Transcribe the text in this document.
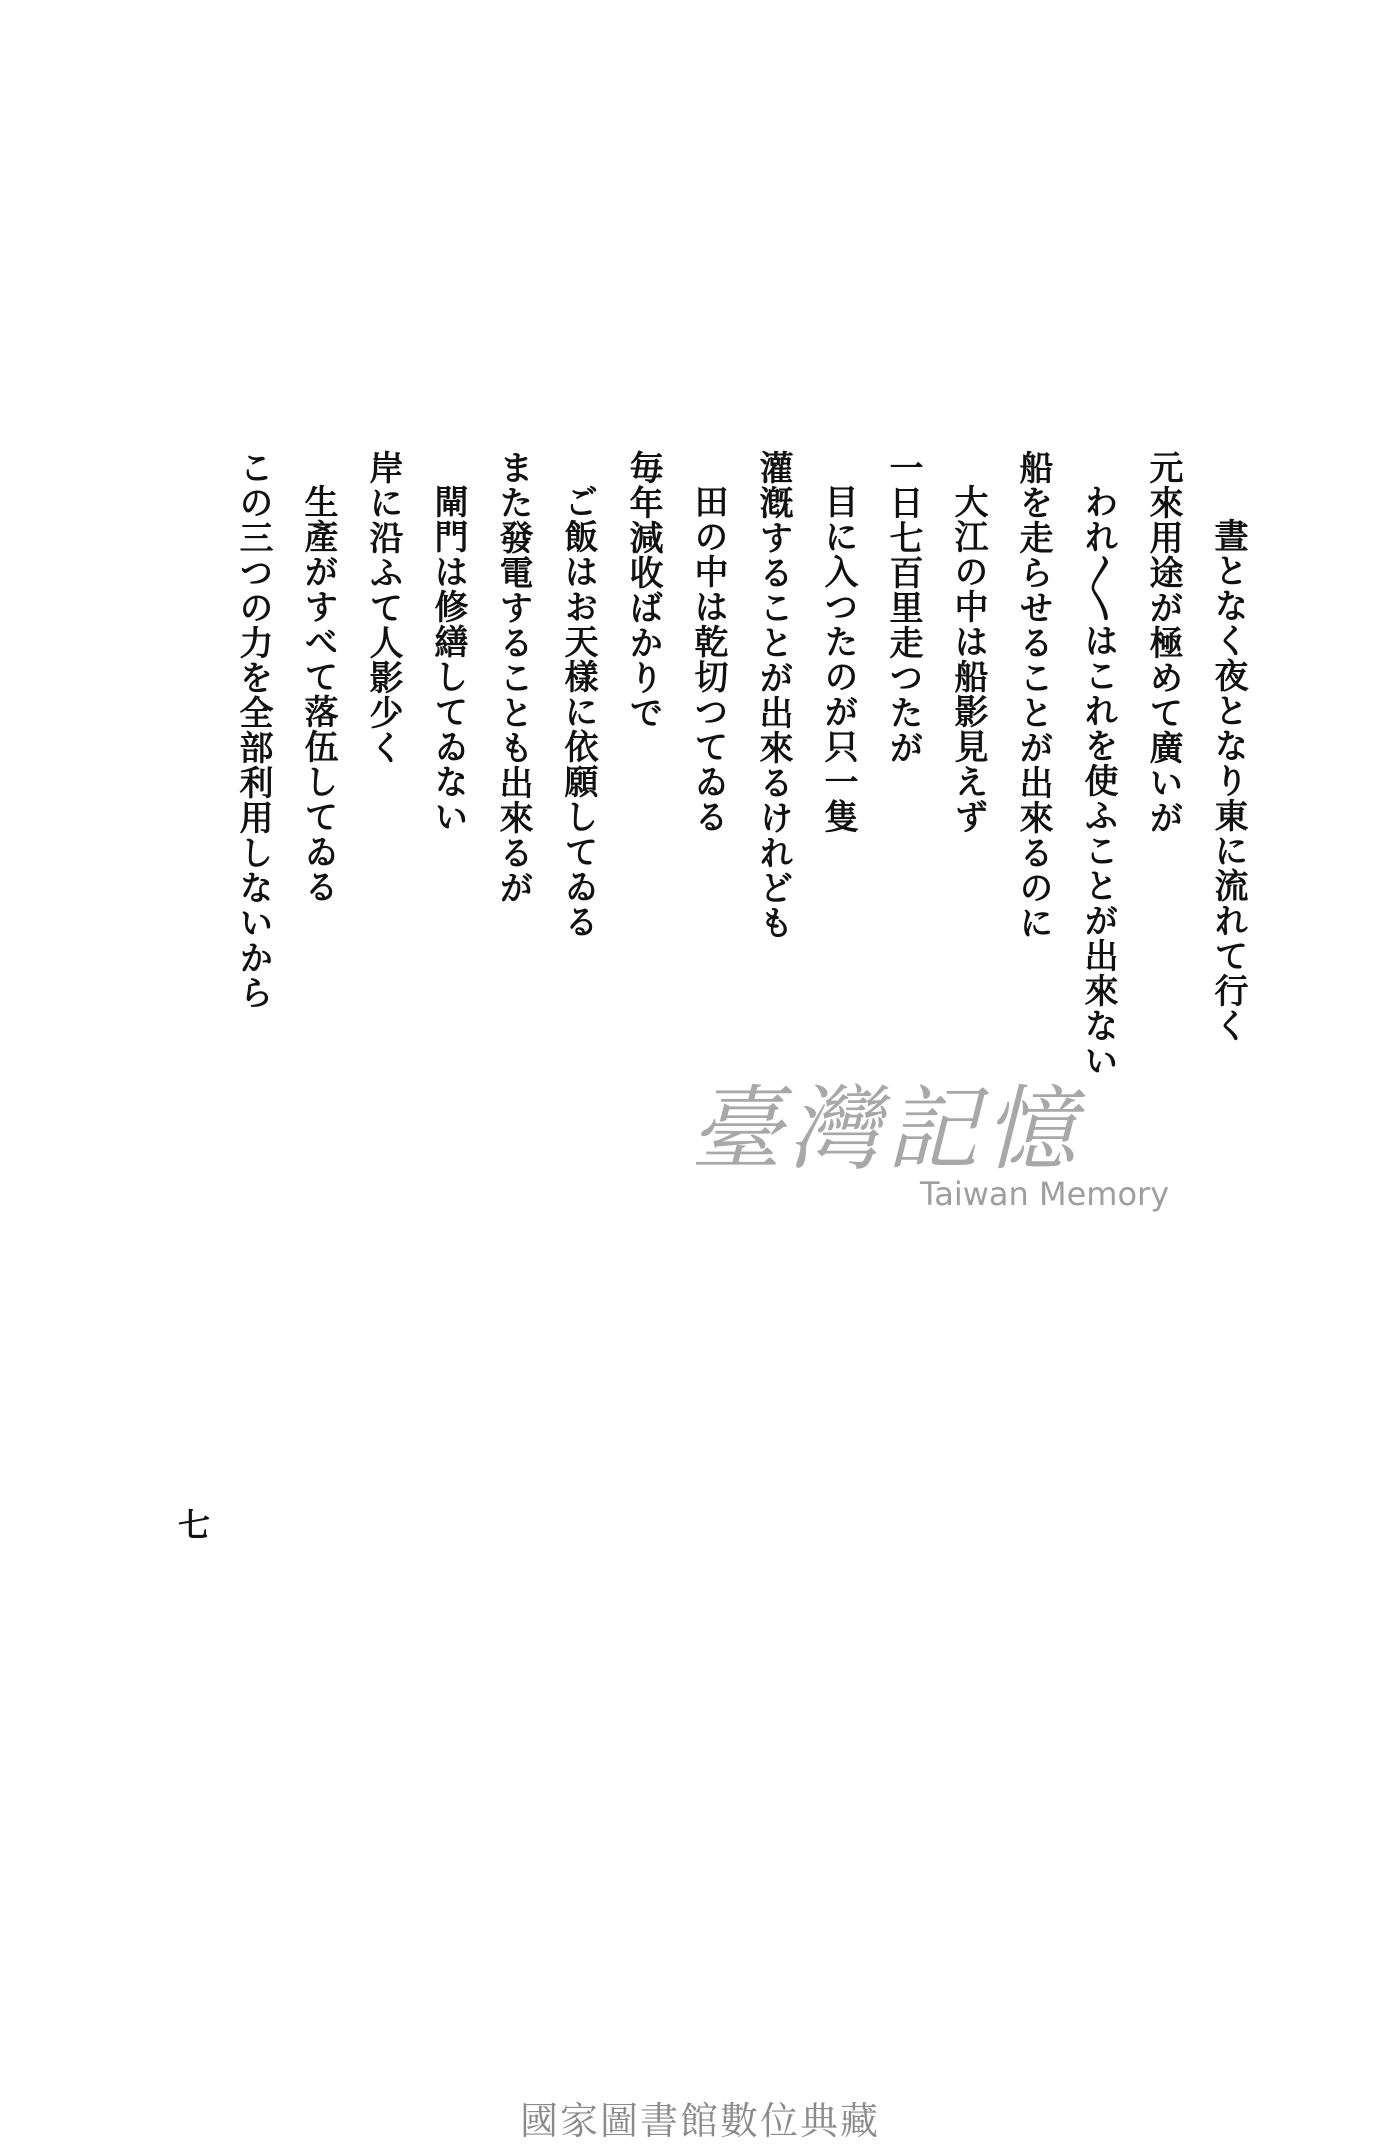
晝となく夜となり東に流れて行く
元來用途が極めて廣いが
われ〳〵はこれを使ふことが出來ない
船を走らせることが出來るのに
大江の中は船影見えず
一日七百里走つたが
目に入つたのが只一隻
灌漑することが出來るけれども
田の中は乾切つてゐる
毎年減收ばかりで
ご飯はお天樣に依願してゐる
また發電することも出來るが
閘門は修繕してゐない
岸に沿ふて人影少く
生產がすべて落伍してゐる
この三つの力を全部利用しないから
臺灣記憶
Taiwan Memory
七
國家圖書館數位典藏
